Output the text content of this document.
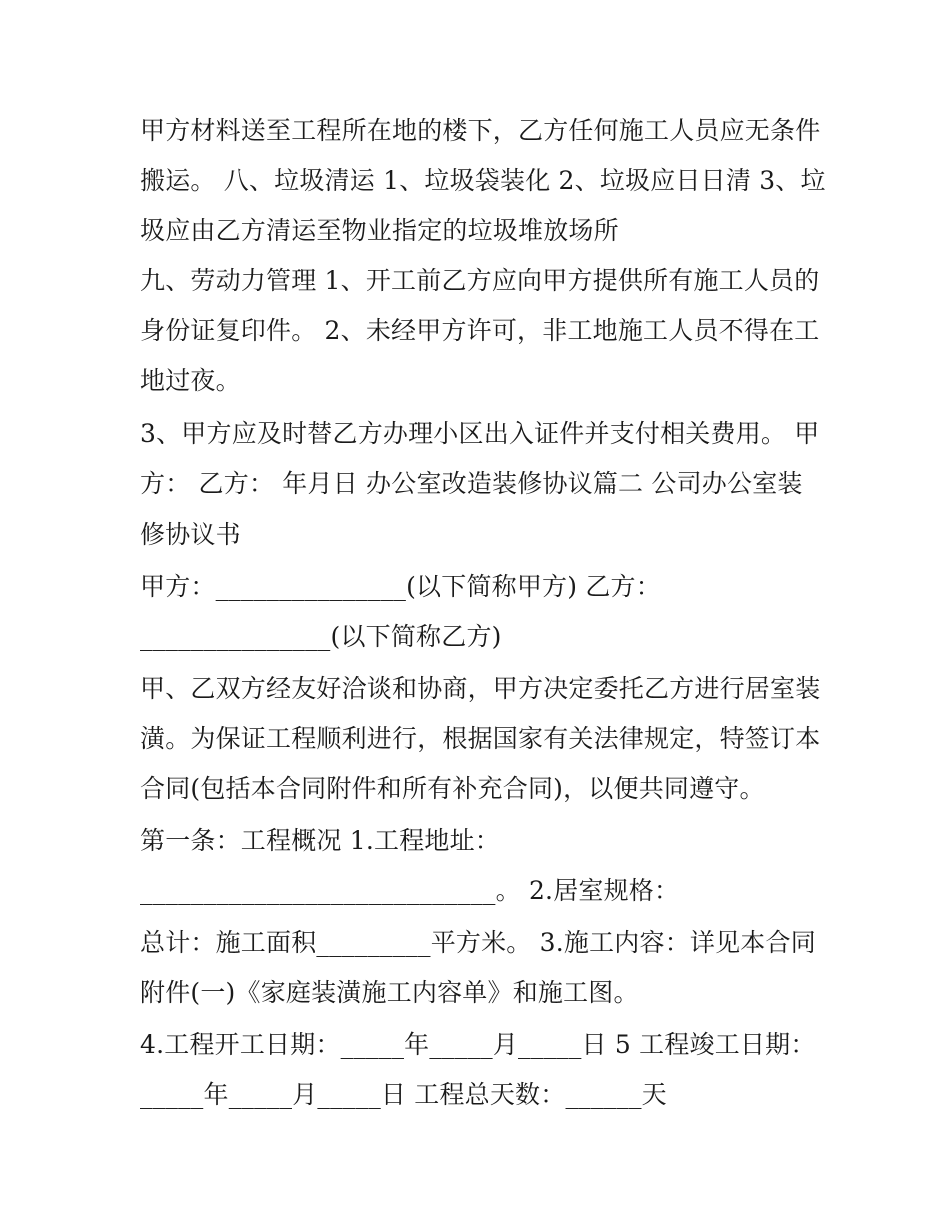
甲方材料送至工程所在地的楼下，乙方任何施工人员应无条件
搬运。 八、垃圾清运 1、垃圾袋装化 2、垃圾应日日清 3、垃
圾应由乙方清运至物业指定的垃圾堆放场所
九、劳动力管理 1、开工前乙方应向甲方提供所有施工人员的
身份证复印件。 2、未经甲方许可，非工地施工人员不得在工
地过夜。
3、甲方应及时替乙方办理小区出入证件并支付相关费用。 甲
方： 乙方： 年月日 办公室改造装修协议篇二 公司办公室装
修协议书
甲方：_______________(以下简称甲方) 乙方：
_______________(以下简称乙方)
甲、乙双方经友好洽谈和协商，甲方决定委托乙方进行居室装
潢。为保证工程顺利进行，根据国家有关法律规定，特签订本
合同(包括本合同附件和所有补充合同)，以便共同遵守。
第一条：工程概况 1.工程地址：
____________________________。 2.居室规格：
总计：施工面积_________平方米。 3.施工内容：详见本合同
附件(一)《家庭装潢施工内容单》和施工图。
4.工程开工日期：_____年_____月_____日 5 工程竣工日期：
_____年_____月_____日 工程总天数：______天
